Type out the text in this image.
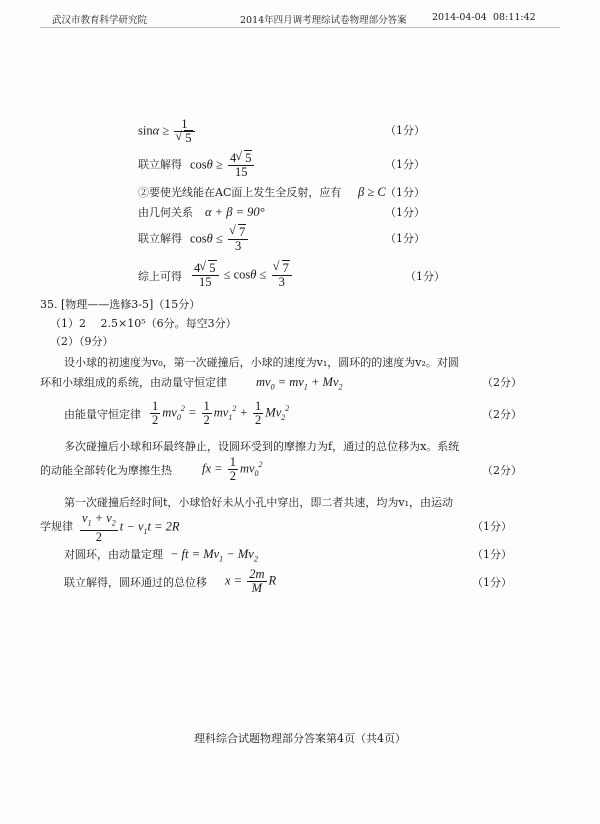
武汉市教育科学研究院	2014年四月调考理综试卷物理部分答案	2014-04-04 08:11:42
sinα ≥ 1
√ 5	（1分）
联立解得 $\cos\theta \ge \frac{4 √ 5}{15}$	（1分）
②要使光线能在AC面上发生全反射，应有 β ≥ C （1分）
由几何关系 α + β = 90°	（1分）
联立解得 cosθ ≤ √ $\frac{7}{3}$	（1分）
综上可得 $\frac{4 √ 5}{15} \le \cos\theta$ ≤ √ $\frac{7}{3}$	（1分）
35. [物理——选修3-5]（15分）
（1）2　 2.5×10⁵（6分。每空3分）
（2）（9分）
设小球的初速度为v₀，第一次碰撞后，小球的速度为v₁，圆环的的速度为v₂。对圆
环和小球组成的系统，由动量守恒定律 $mv_0 = mv_1 + Mv_2$	（2分）
由能量守恒定律 $\frac{1}{2} mv_0^2 = \frac{1}{2} mv_1^2 + \frac{1}{2} Mv_2^2$	（2分）
多次碰撞后小球和环最终静止，设圆环受到的摩擦力为f，通过的总位移为x。系统
的动能全部转化为摩擦生热 fx = $\frac{1}{2} mv_0^2$	（2分）
第一次碰撞后经时间t，小球恰好未从小孔中穿出，即二者共速，均为v₁，由运动
学规律 $\frac{v_1 + v_2}{2}$ $t - v_1t = 2R$	（1分）
对圆环，由动量定理 − ft = $Mv_1 - Mv_2$	（1分）
联立解得，圆环通过的总位移 $x = \frac{2m}{M}$ R	（1分）
理科综合试题物理部分答案第4页（共4页）
